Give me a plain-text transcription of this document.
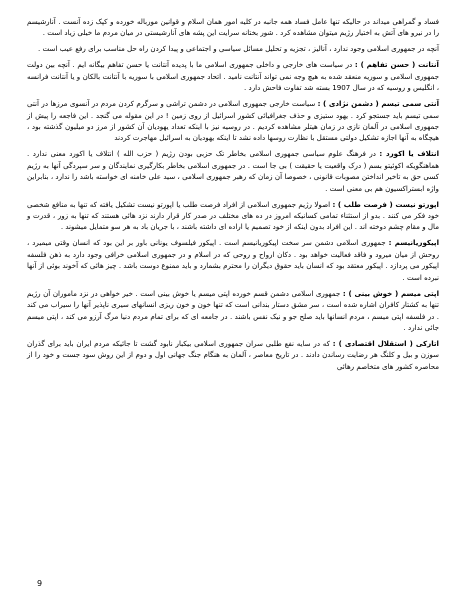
فساد و گمراهی میداند در حالیکه تنها عامل فساد همه جانبه در کلیه امور همان اسلام و قوانین مورباله خورده و کپک زده آنست . آنارشیسم را در نیرو های آتش به اختیار رژیم میتوان مشاهده کرد . شور بختانه سرایت این پشه های آنارشیستی در میان مردم ما خیلی زیاد است .

آنچه در جمهوری اسلامی وجود ندارد ، آنالیز ، تجزیه و تحلیل مسائل سیاسی و اجتماعی و پیدا کردن راه حل مناسب برای رفع عیب است .

آنتانت ( حسن تفاهم ) : در سیاست های خارجی و داخلی جمهوری اسلامی ما با پدیده آنتانت یا حسن تفاهم بیگانه ایم . آنچه بین دولت جمهوری اسلامی و سوریه منعقد شده به هیچ وجه نمی تواند آنتانت نامید . اتحاد جمهوری اسلامی با سوریه با آنتانت بالکان و یا آنتانت فرانسه ، انگلیس و روسیه که در سال 1907 بسته شد تفاوت فاحش دارد .

آنتی سمی تیسم ( دشمن نژادی ) : سیاست خارجی جمهوری اسلامی در دشمن تراشی و سرگرم کردن مردم در آنسوی مرزها در آنتی سمی تیسم باید جستجو کرد . یهود ستیزی و حذف جغرافیائی کشور اسرائیل از روی زمین ! در این مقوله می گنجد . این فاجعه را پیش از جمهوری اسلامی در آلمان نازی در زمان هیتلر مشاهده کردیم . در روسیه نیز با اینکه تعداد یهودیان آن کشور از مرز دو میلیون گذشته بود ، هیچگاه به آنها اجازه تشکیل دولتی مستقل با نظارت روسها داده نشد تا اینکه یهودیان به اسرائیل مهاجرت کردند

انتلاف یا اکورد : در فرهنگ علوم سیاسی جمهوری اسلامی بخاطر تک حزبی بودن رژیم ( حزب الله ) انتلاف یا اکورد معنی ندارد . هماهنگویکه اکوئیتو بسم ( درک واقعیت یا حقیقت ) بی جا است . در جمهوری اسلامی بخاطر بکارگیری نمایندگان و سر سپردگی آنها به رژیم کسی حق به تاخیر انداختن مصوبات قانونی ، خصوصا آن زمان که رهبر جمهوری اسلامی ، سید علی خامنه ای خواسته باشد را ندارد ، بنابراین واژه ابستراکسیون هم بی معنی است .

اپورتو نیست ( فرصت طلب ) : اصولا رژیم جمهوری اسلامی از افراد فرصت طلب یا اپورتو نیست تشکیل یافته که تنها به منافع شخصی خود فکر می کنند . بدو از استثناء تمامی کسانیکه امروز در ده های مختلف در صدر کار قرار دارند نزد هائی هستند که تنها به زور ، قدرت و مال و مقام چشم دوخته اند . این افراد بدون اینکه از خود تصمیم یا اراده ای داشته باشند ، با جریان باد به هر سو متمایل میشوند .

اپیکوریانیسم : جمهوری اسلامی دشمن سر سخت اپیکوریانیسم است . اپیکور فیلسوف یونانی باور بر این بود که انسان وقتی میمیرد ، روحش از میان میرود و فاقد فعالیت خواهد بود . دکان ارواح و روحی که در اسلام و در جمهوری اسلامی خرافی وجود دارد به ذهن فلسفه اپیکور می پردازد . اپیکور معتقد بود که انسان باید حقوق دیگران را محترم بشمارد و باید ممنوع دوست باشد . چیز هائی که آخوند بوئی از آنها نبرده است .

اپتی میسم ( خوش بینی ) : جمهوری اسلامی دشمن قسم خورده اپتی میسم یا خوش بینی است . خیر خواهی در نزد ماموران آن رژیم تنها به کشتار کافران اشاره شده است ، سر مشق دستار بندانی است که تنها خون و خون ریزی انسانهای سیری ناپذیر آنها را سیراب می کند . در فلسفه اپتی میسم ، مردم انسانها باید صلح جو و نیک نفس باشند . در جامعه ای که برای تمام مردم دنیا مرگ آرزو می کند ، اپتی میسم جائی ندارد .

اتارکی ( استقلال اقتصادی ) : که در سایه نفع طلبی سران جمهوری اسلامی بیکبار نابود گشت تا جائیکه مردم ایران باید برای گذران سوزن و بیل و کلنگ هر رضایت رساندن دادند . در تاریخ معاصر ، آلمان به هنگام جنگ جهانی اول و دوم از این روش سود جست و خود را از محاصره کشور های متخاصم رهائی

9
